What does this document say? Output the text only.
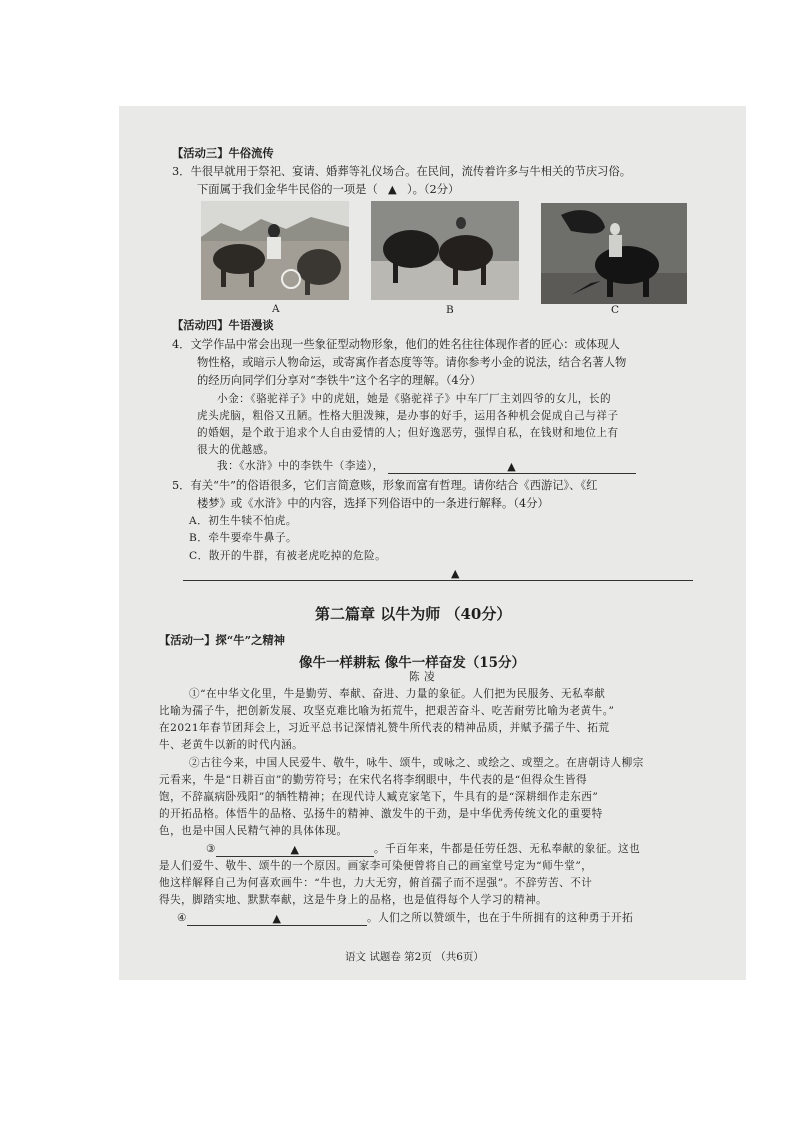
【活动三】牛俗流传
3．牛很早就用于祭祀、宴请、婚葬等礼仪场合。在民间，流传着许多与牛相关的节庆习俗。
下面属于我们金华牛民俗的一项是（ ▲ ）。（2分）
A	B	C
【活动四】牛语漫谈
4．文学作品中常会出现一些象征型动物形象，他们的姓名往往体现作者的匠心：或体现人
物性格，或暗示人物命运，或寄寓作者态度等等。请你参考小金的说法，结合名著人物
的经历向同学们分享对“李铁牛”这个名字的理解。（4分）
小金：《骆驼祥子》中的虎妞，她是《骆驼祥子》中车厂厂主刘四爷的女儿，长的
虎头虎脑，粗俗又丑陋。性格大胆泼辣，是办事的好手，运用各种机会促成自己与祥子
的婚姻，是个敢于追求个人自由爱情的人；但好逸恶劳，强悍自私，在钱财和地位上有
很大的优越感。
我：《水浒》中的李铁牛（李逵），	▲
5．有关“牛”的俗语很多，它们言简意赅，形象而富有哲理。请你结合《西游记》、《红
楼梦》或《水浒》中的内容，选择下列俗语中的一条进行解释。（4分）
A．初生牛犊不怕虎。
B．牵牛要牵牛鼻子。
C．散开的牛群，有被老虎吃掉的危险。
▲
第二篇章 以牛为师 （40分）
【活动一】探“牛”之精神
像牛一样耕耘 像牛一样奋发（15分）
陈 凌
①“在中华文化里，牛是勤劳、奉献、奋进、力量的象征。人们把为民服务、无私奉献
比喻为孺子牛，把创新发展、攻坚克难比喻为拓荒牛，把艰苦奋斗、吃苦耐劳比喻为老黄牛。”
在2021年春节团拜会上，习近平总书记深情礼赞牛所代表的精神品质，并赋予孺子牛、拓荒
牛、老黄牛以新的时代内涵。
②古往今来，中国人民爱牛、敬牛，咏牛、颂牛，或咏之、或绘之、或塑之。在唐朝诗人柳宗
元看来，牛是“日耕百亩”的勤劳符号；在宋代名将李纲眼中，牛代表的是“但得众生皆得
饱，不辞羸病卧残阳”的牺牲精神；在现代诗人臧克家笔下，牛具有的是“深耕细作走东西”
的开拓品格。体悟牛的品格、弘扬牛的精神、激发牛的干劲，是中华优秀传统文化的重要特
色，也是中国人民精气神的具体体现。
③	▲	。千百年来，牛都是任劳任怨、无私奉献的象征。这也
是人们爱牛、敬牛、颂牛的一个原因。画家李可染便曾将自己的画室堂号定为“师牛堂”，
他这样解释自己为何喜欢画牛：“牛也，力大无穷，俯首孺子而不逞强”。不辞劳苦、不计
得失，脚踏实地、默默奉献，这是牛身上的品格，也是值得每个人学习的精神。
④	▲	。人们之所以赞颂牛，也在于牛所拥有的这种勇于开拓
语文 试题卷 第2页 （共6页）
